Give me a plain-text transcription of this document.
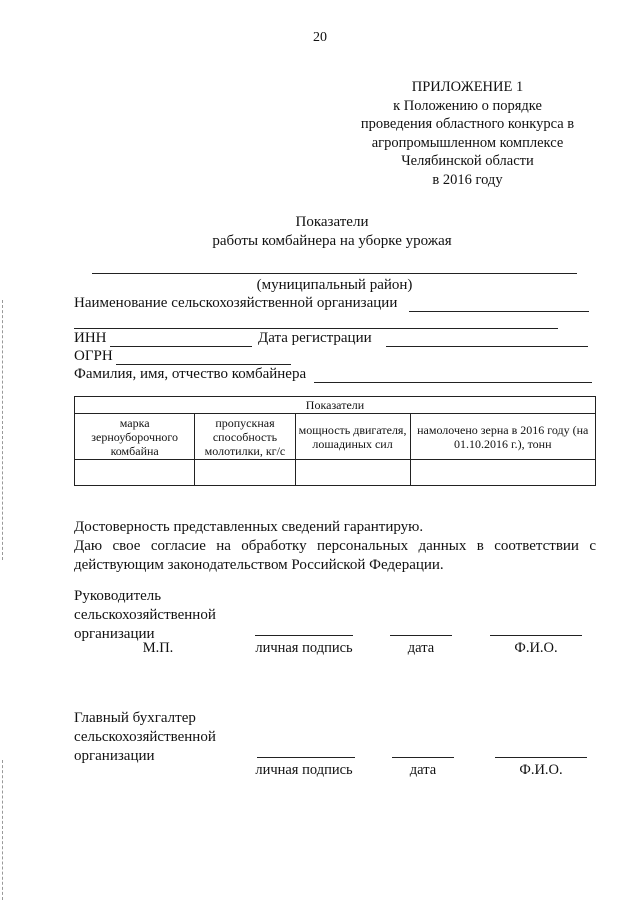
20
ПРИЛОЖЕНИЕ 1
к Положению о порядке
проведения областного конкурса в
агропромышленном комплексе
Челябинской области
в 2016 году
Показатели
работы комбайнера на уборке урожая
(муниципальный район)
Наименование сельскохозяйственной организации
ИНН	Дата регистрации
ОГРН
Фамилия, имя, отчество комбайнера
Показатели			
марка зерноуборочного комбайна	пропускная способность молотилки, кг/с	мощность двигателя, лошадиных сил	намолочено зерна в 2016 году (на 01.10.2016 г.), тонн

Достоверность представленных сведений гарантирую.
Даю свое согласие на обработку персональных данных в соответствии с действующим законодательством Российской Федерации.
Руководитель
сельскохозяйственной
организации
М.П.	личная подпись	дата	Ф.И.О.
Главный бухгалтер
сельскохозяйственной
организации
личная подпись	дата	Ф.И.О.
